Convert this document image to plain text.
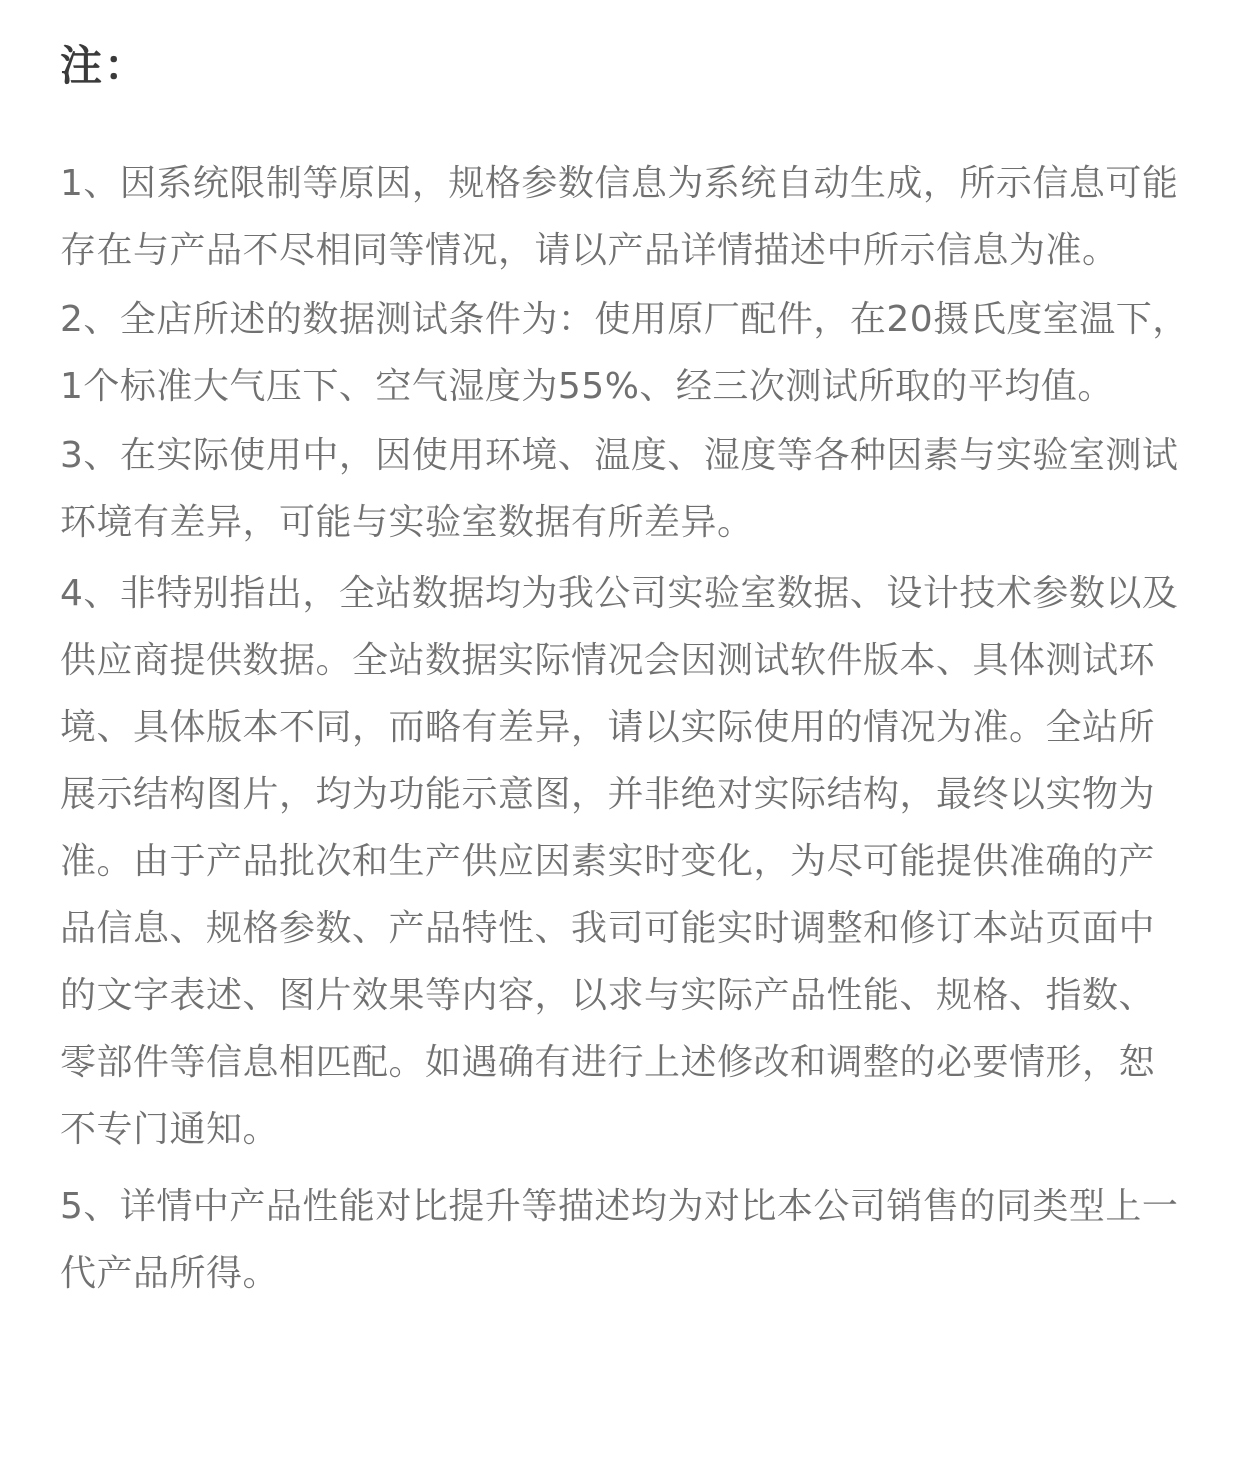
注：

1、因系统限制等原因，规格参数信息为系统自动生成，所示信息可能存在与产品不尽相同等情况，请以产品详情描述中所示信息为准。

2、全店所述的数据测试条件为：使用原厂配件，在20摄氏度室温下，1个标准大气压下、空气湿度为55%、经三次测试所取的平均值。

3、在实际使用中，因使用环境、温度、湿度等各种因素与实验室测试环境有差异，可能与实验室数据有所差异。

4、非特别指出，全站数据均为我公司实验室数据、设计技术参数以及供应商提供数据。全站数据实际情况会因测试软件版本、具体测试环境、具体版本不同，而略有差异，请以实际使用的情况为准。全站所展示结构图片，均为功能示意图，并非绝对实际结构，最终以实物为准。由于产品批次和生产供应因素实时变化，为尽可能提供准确的产品信息、规格参数、产品特性、我司可能实时调整和修订本站页面中的文字表述、图片效果等内容，以求与实际产品性能、规格、指数、零部件等信息相匹配。如遇确有进行上述修改和调整的必要情形，恕不专门通知。

5、详情中产品性能对比提升等描述均为对比本公司销售的同类型上一代产品所得。
